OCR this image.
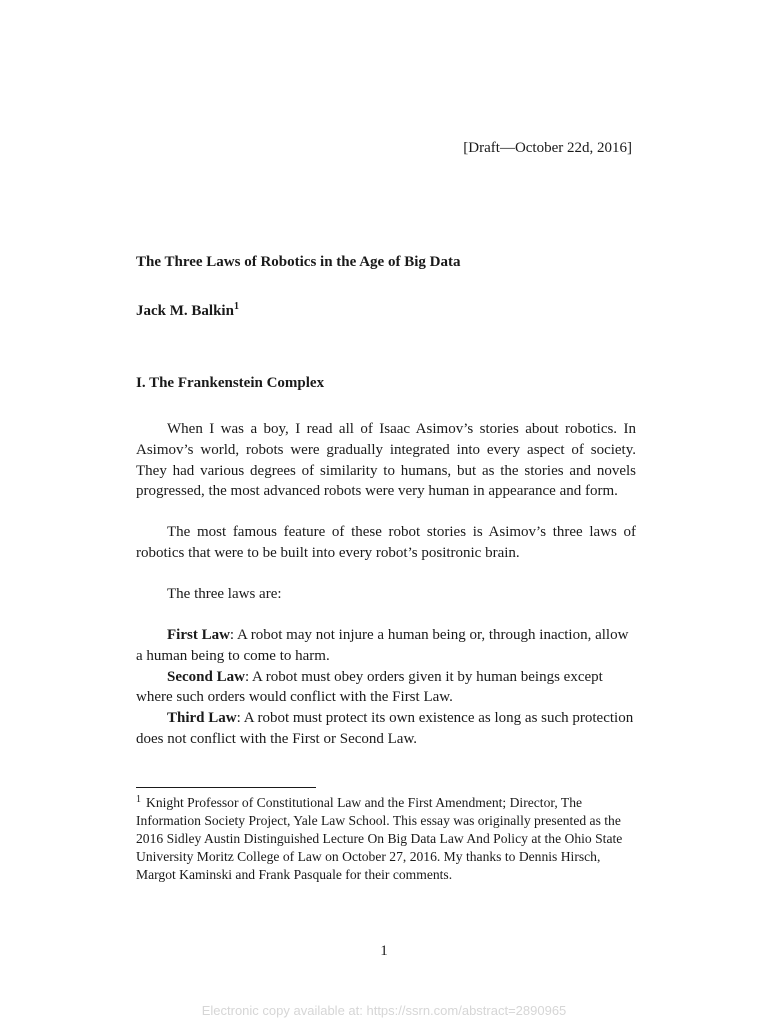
[Draft—October 22d, 2016]
The Three Laws of Robotics in the Age of Big Data
Jack M. Balkin$^1$
I. The Frankenstein Complex
When I was a boy, I read all of Isaac Asimov’s stories about robotics. In Asimov’s world, robots were gradually integrated into every aspect of society. They had various degrees of similarity to humans, but as the stories and novels progressed, the most advanced robots were very human in appearance and form.
The most famous feature of these robot stories is Asimov’s three laws of robotics that were to be built into every robot’s positronic brain.
The three laws are:
First Law: A robot may not injure a human being or, through inaction, allow a human being to come to harm.
Second Law: A robot must obey orders given it by human beings except where such orders would conflict with the First Law.
Third Law: A robot must protect its own existence as long as such protection does not conflict with the First or Second Law.
$^1$ Knight Professor of Constitutional Law and the First Amendment; Director, The Information Society Project, Yale Law School. This essay was originally presented as the 2016 Sidley Austin Distinguished Lecture On Big Data Law And Policy at the Ohio State University Moritz College of Law on October 27, 2016. My thanks to Dennis Hirsch, Margot Kaminski and Frank Pasquale for their comments.
1
Electronic copy available at: https://ssrn.com/abstract=2890965
